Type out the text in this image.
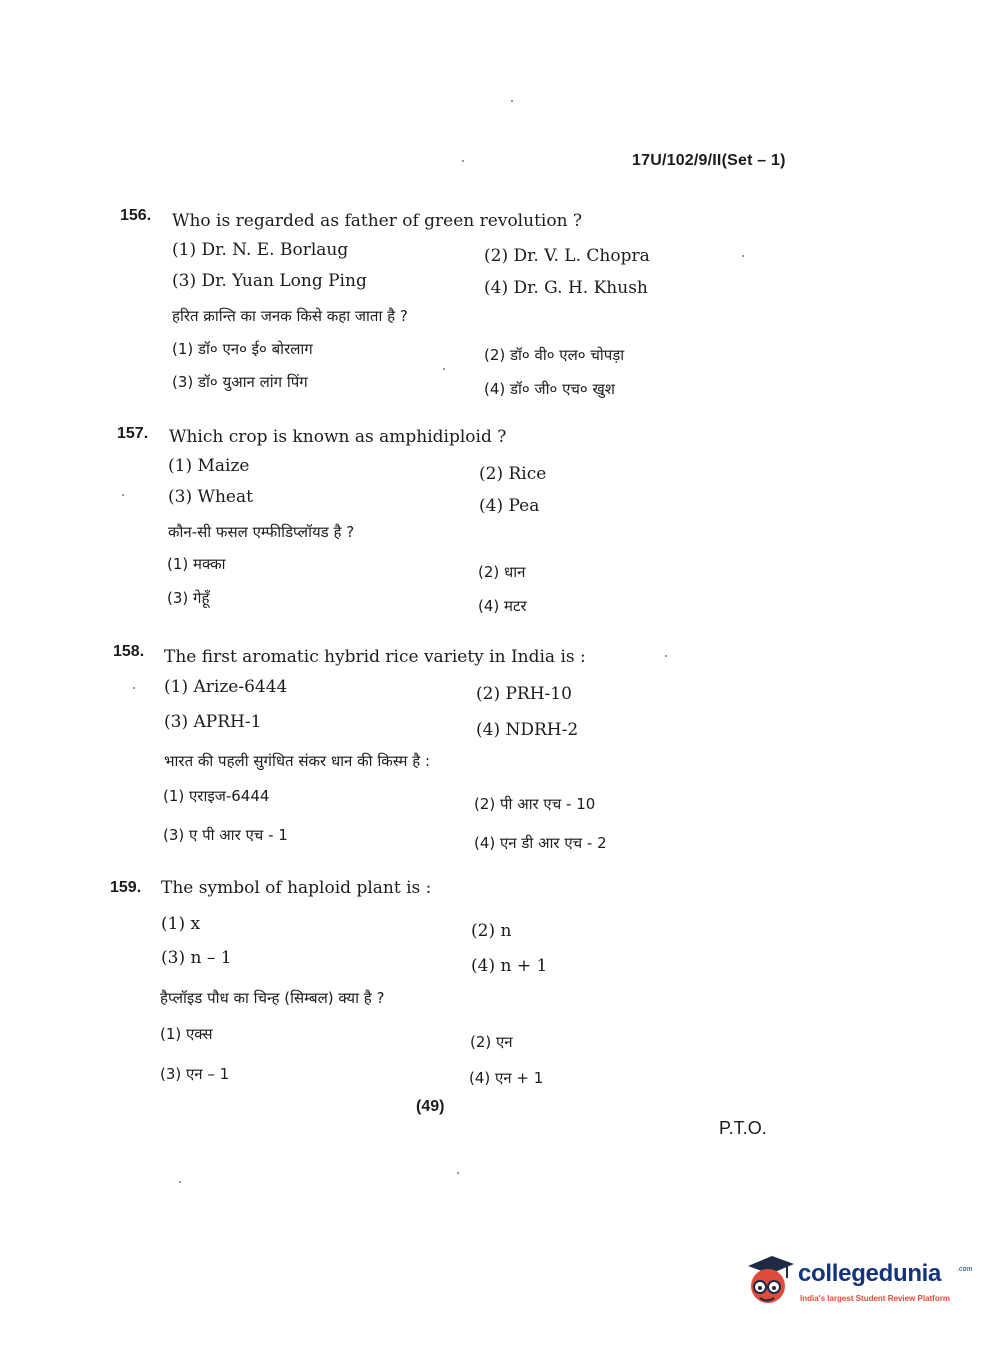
17U/102/9/II(Set – 1)
156. Who is regarded as father of green revolution ?
(1) Dr. N. E. Borlaug	(2) Dr. V. L. Chopra
(3) Dr. Yuan Long Ping	(4) Dr. G. H. Khush
हरित क्रान्ति का जनक किसे कहा जाता है ?
(1) डॉ० एन० ई० बोरलाग	(2) डॉ० वी० एल० चोपड़ा
(3) डॉ० युआन लांग पिंग	(4) डॉ० जी० एच० खुश
157. Which crop is known as amphidiploid ?
(1) Maize	(2) Rice
(3) Wheat	(4) Pea
कौन-सी फसल एम्फीडिप्लॉयड है ?
(1) मक्का	(2) धान
(3) गेहूँ	(4) मटर
158. The first aromatic hybrid rice variety in India is :
(1) Arize-6444	(2) PRH-10
(3) APRH-1	(4) NDRH-2
भारत की पहली सुगंधित संकर धान की किस्म है :
(1) एराइज-6444	(2) पी आर एच - 10
(3) ए पी आर एच - 1	(4) एन डी आर एच - 2
159. The symbol of haploid plant is :
(1) x	(2) n
(3) n – 1	(4) n + 1
हैप्लॉइड पौध का चिन्ह (सिम्बल) क्या है ?
(1) एक्स	(2) एन
(3) एन – 1	(4) एन + 1
(49)
P.T.O.
collegedunia .com
India's largest Student Review Platform
